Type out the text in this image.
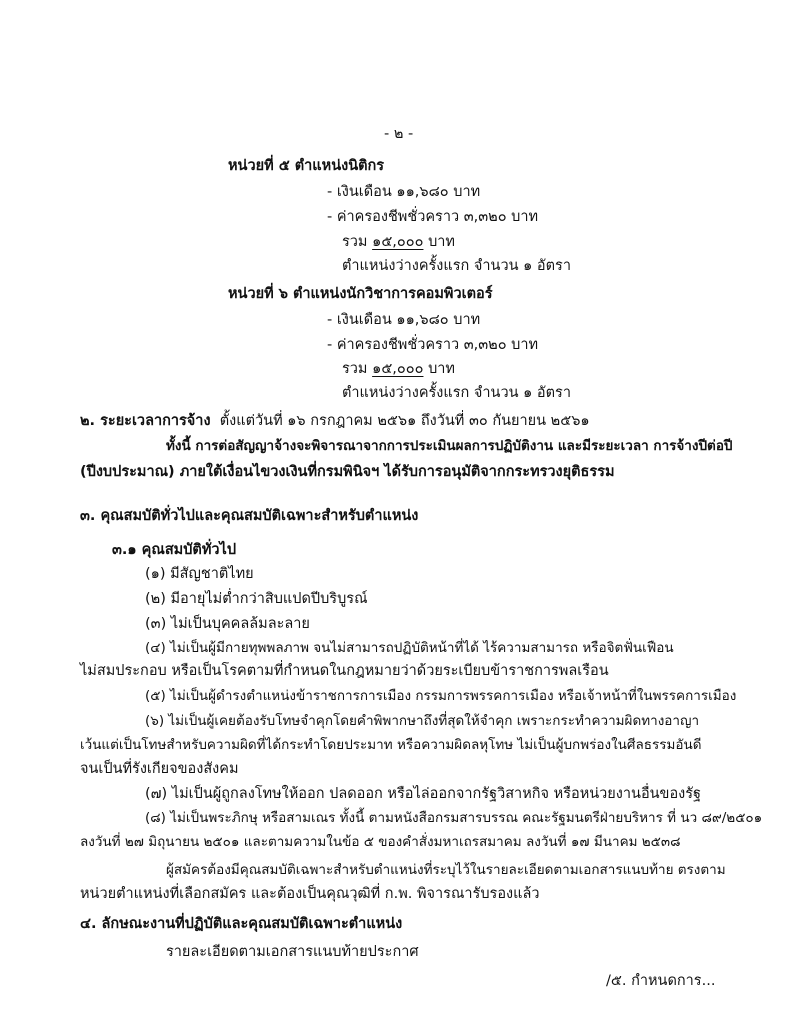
- ๒ -
หน่วยที่ ๕ ตำแหน่งนิติกร
- เงินเดือน ๑๑,๖๘๐ บาท
- ค่าครองชีพชั่วคราว ๓,๓๒๐ บาท
รวม ๑๕,๐๐๐ บาท
ตำแหน่งว่างครั้งแรก จำนวน ๑ อัตรา
หน่วยที่ ๖ ตำแหน่งนักวิชาการคอมพิวเตอร์
- เงินเดือน ๑๑,๖๘๐ บาท
- ค่าครองชีพชั่วคราว ๓,๓๒๐ บาท
รวม ๑๕,๐๐๐ บาท
ตำแหน่งว่างครั้งแรก จำนวน ๑ อัตรา
๒. ระยะเวลาการจ้าง ตั้งแต่วันที่ ๑๖ กรกฎาคม ๒๕๖๑ ถึงวันที่ ๓๐ กันยายน ๒๕๖๑
ทั้งนี้ การต่อสัญญาจ้างจะพิจารณาจากการประเมินผลการปฏิบัติงาน และมีระยะเวลา การจ้างปีต่อปี
(ปีงบประมาณ) ภายใต้เงื่อนไขวงเงินที่กรมพินิจฯ ได้รับการอนุมัติจากกระทรวงยุติธรรม
๓. คุณสมบัติทั่วไปและคุณสมบัติเฉพาะสำหรับตำแหน่ง
๓.๑ คุณสมบัติทั่วไป
(๑) มีสัญชาติไทย
(๒) มีอายุไม่ต่ำกว่าสิบแปดปีบริบูรณ์
(๓) ไม่เป็นบุคคลล้มละลาย
(๔) ไม่เป็นผู้มีกายทุพพลภาพ จนไม่สามารถปฏิบัติหน้าที่ได้ ไร้ความสามารถ หรือจิตฟั่นเฟือน
ไม่สมประกอบ หรือเป็นโรคตามที่กำหนดในกฎหมายว่าด้วยระเบียบข้าราชการพลเรือน
(๕) ไม่เป็นผู้ดำรงตำแหน่งข้าราชการการเมือง กรรมการพรรคการเมือง หรือเจ้าหน้าที่ในพรรคการเมือง
(๖) ไม่เป็นผู้เคยต้องรับโทษจำคุกโดยคำพิพากษาถึงที่สุดให้จำคุก เพราะกระทำความผิดทางอาญา
เว้นแต่เป็นโทษสำหรับความผิดที่ได้กระทำโดยประมาท หรือความผิดลหุโทษ ไม่เป็นผู้บกพร่องในศีลธรรมอันดี
จนเป็นที่รังเกียจของสังคม
(๗) ไม่เป็นผู้ถูกลงโทษให้ออก ปลดออก หรือไล่ออกจากรัฐวิสาหกิจ หรือหน่วยงานอื่นของรัฐ
(๘) ไม่เป็นพระภิกษุ หรือสามเณร ทั้งนี้ ตามหนังสือกรมสารบรรณ คณะรัฐมนตรีฝ่ายบริหาร ที่ นว ๘๙/๒๕๐๑
ลงวันที่ ๒๗ มิถุนายน ๒๕๐๑ และตามความในข้อ ๕ ของคำสั่งมหาเถรสมาคม ลงวันที่ ๑๗ มีนาคม ๒๕๓๘
ผู้สมัครต้องมีคุณสมบัติเฉพาะสำหรับตำแหน่งที่ระบุไว้ในรายละเอียดตามเอกสารแนบท้าย ตรงตาม
หน่วยตำแหน่งที่เลือกสมัคร และต้องเป็นคุณวุฒิที่ ก.พ. พิจารณารับรองแล้ว
๔. ลักษณะงานที่ปฏิบัติและคุณสมบัติเฉพาะตำแหน่ง
รายละเอียดตามเอกสารแนบท้ายประกาศ
/๕. กำหนดการ...
